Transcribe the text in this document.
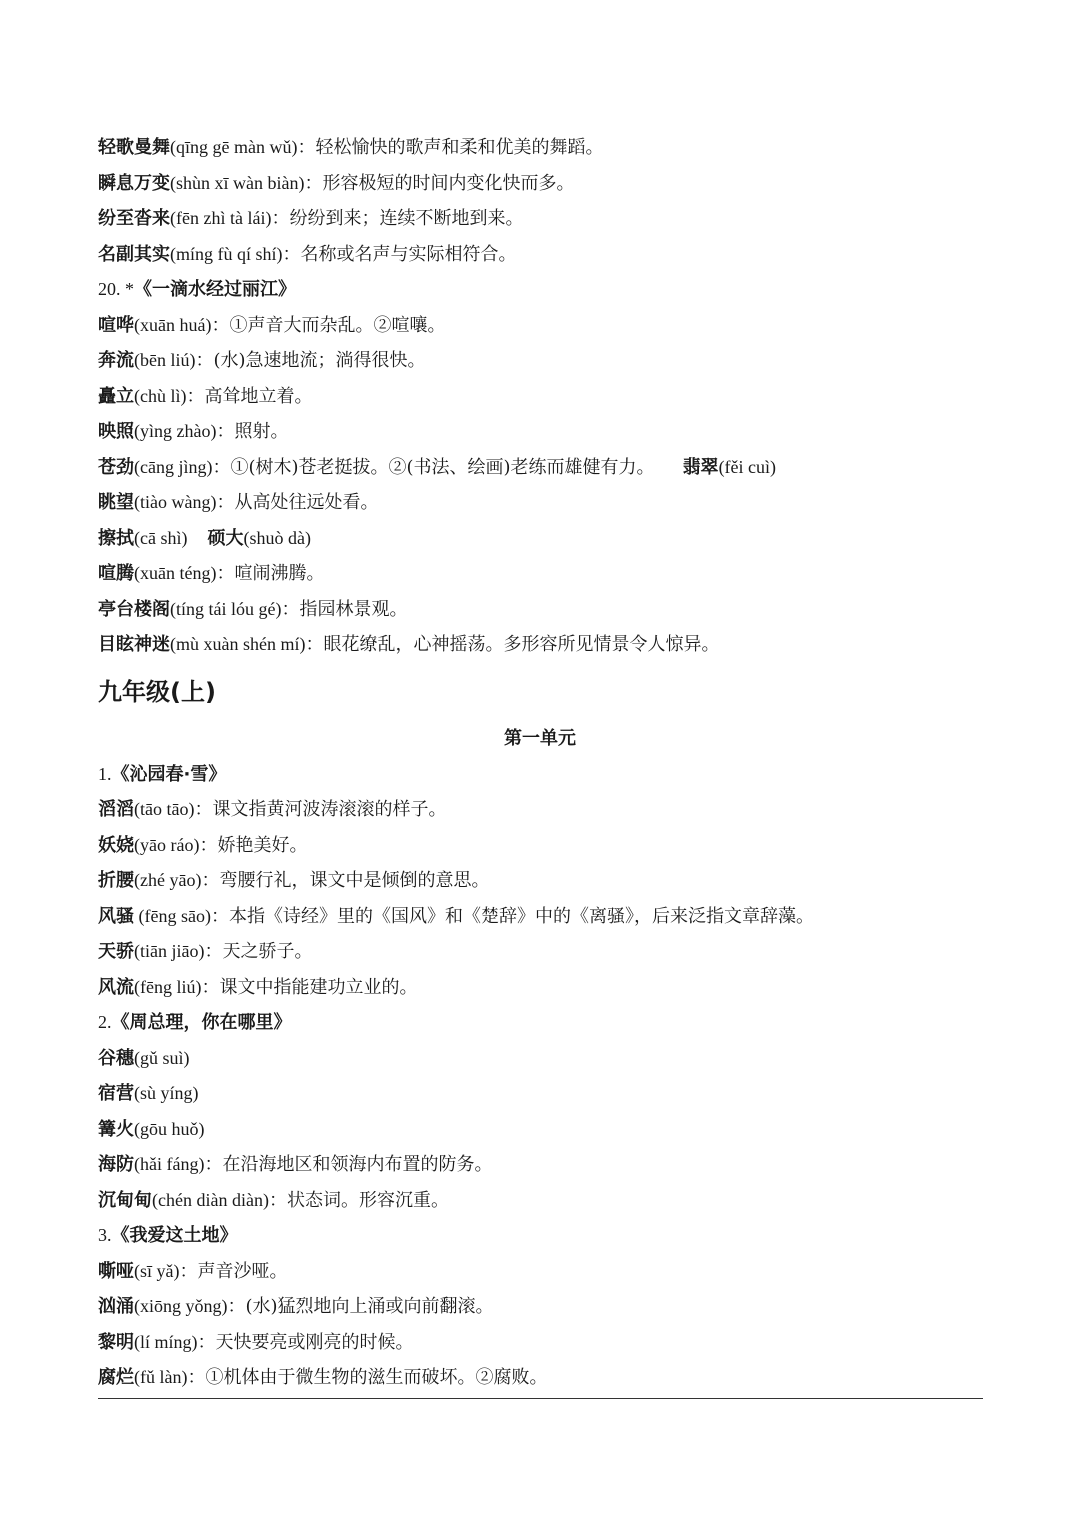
轻歌曼舞(qīng gē màn wǔ)：轻松愉快的歌声和柔和优美的舞蹈。
瞬息万变(shùn xī wàn biàn)：形容极短的时间内变化快而多。
纷至沓来(fēn zhì tà lái)：纷纷到来；连续不断地到来。
名副其实(míng fù qí shí)：名称或名声与实际相符合。
20. *《一滴水经过丽江》
喧哗(xuān huá)：①声音大而杂乱。②喧嚷。
奔流(bēn liú)：(水)急速地流；淌得很快。
矗立(chù lì)：高耸地立着。
映照(yìng zhào)：照射。
苍劲(cāng jìng)：①(树木)苍老挺拔。②(书法、绘画)老练而雄健有力。 翡翠(fěi cuì)
眺望(tiào wàng)：从高处往远处看。
擦拭(cā shì) 硕大(shuò dà)
喧腾(xuān téng)：喧闹沸腾。
亭台楼阁(tíng tái lóu gé)：指园林景观。
目眩神迷(mù xuàn shén mí)：眼花缭乱，心神摇荡。多形容所见情景令人惊异。
九年级(上)
第一单元
1.《沁园春·雪》
滔滔(tāo tāo)：课文指黄河波涛滚滚的样子。
妖娆(yāo ráo)：娇艳美好。
折腰(zhé yāo)：弯腰行礼，课文中是倾倒的意思。
风骚 (fēng sāo)：本指《诗经》里的《国风》和《楚辞》中的《离骚》，后来泛指文章辞藻。
天骄(tiān jiāo)：天之骄子。
风流(fēng liú)：课文中指能建功立业的。
2.《周总理，你在哪里》
谷穗(gǔ suì)
宿营(sù yíng)
篝火(gōu huǒ)
海防(hǎi fáng)：在沿海地区和领海内布置的防务。
沉甸甸(chén diàn diàn)：状态词。形容沉重。
3.《我爱这土地》
嘶哑(sī yǎ)：声音沙哑。
汹涌(xiōng yǒng)：(水)猛烈地向上涌或向前翻滚。
黎明(lí míng)：天快要亮或刚亮的时候。
腐烂(fǔ làn)：①机体由于微生物的滋生而破坏。②腐败。
